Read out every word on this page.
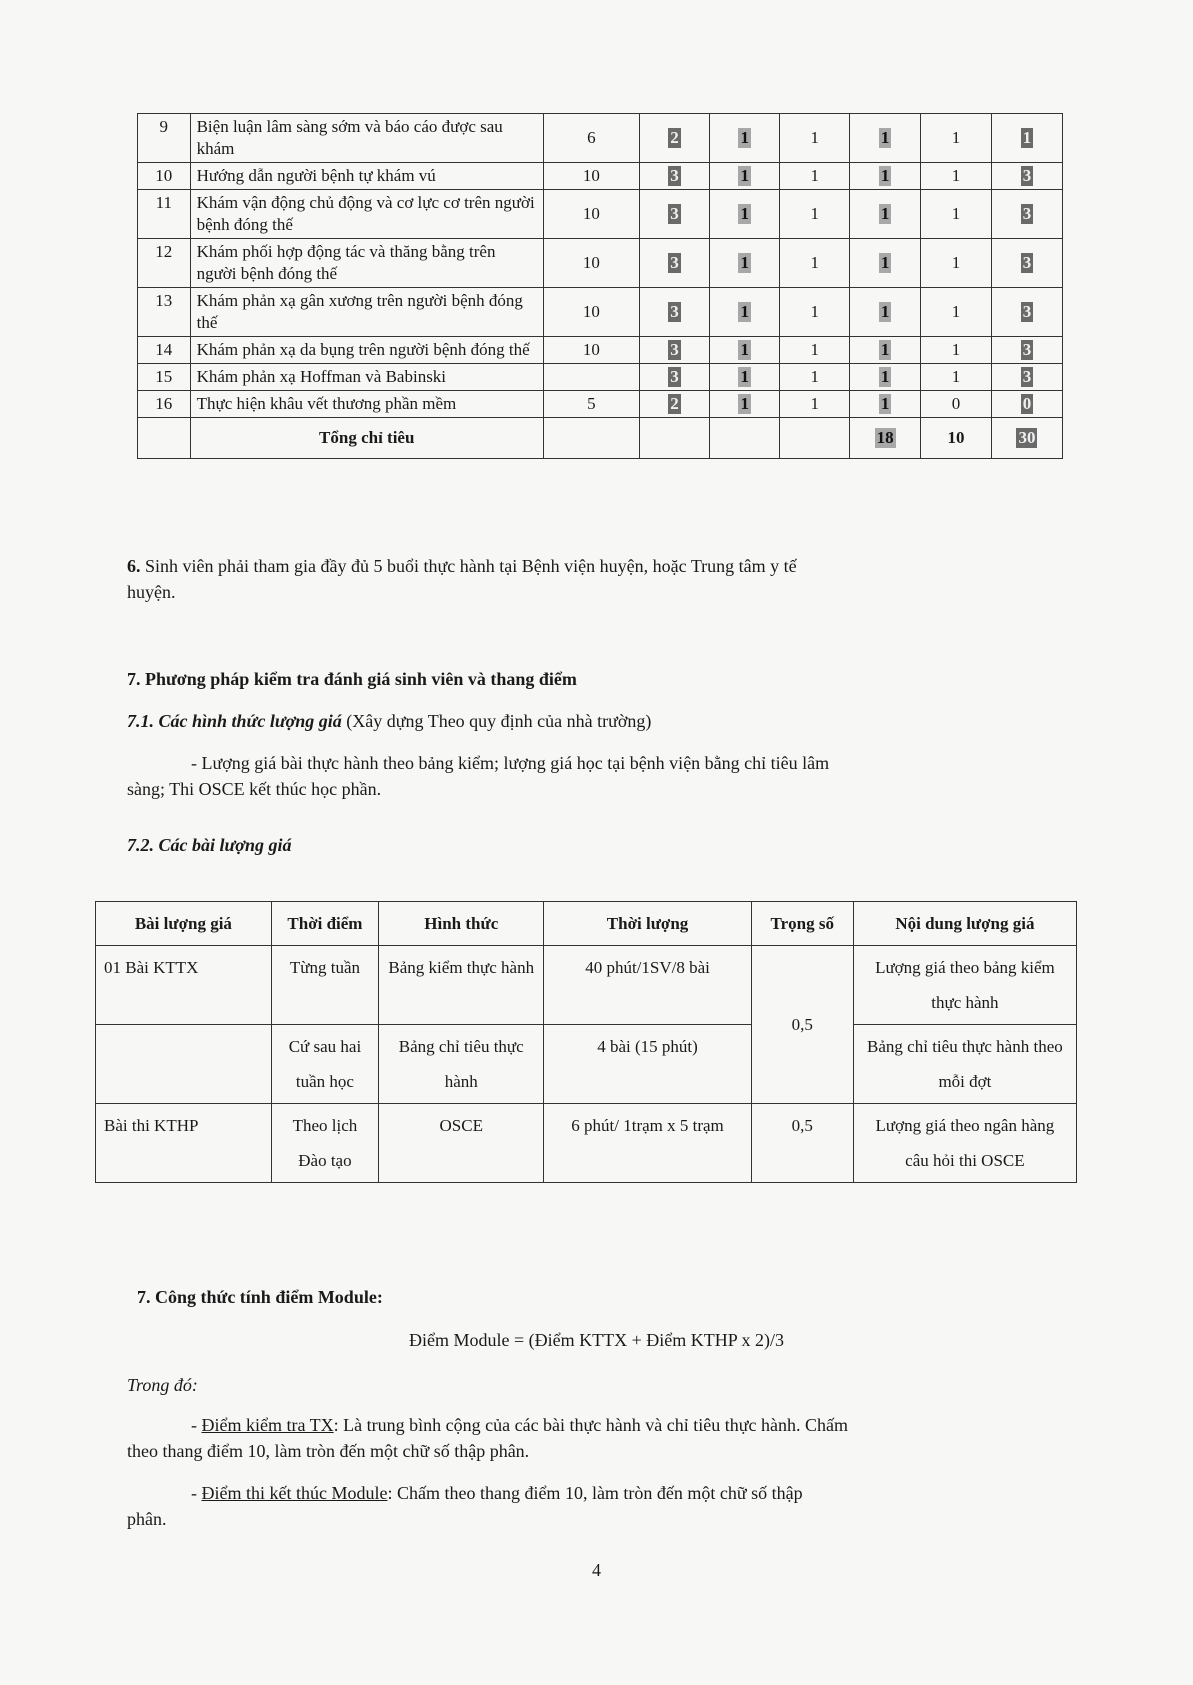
9	Biện luận lâm sàng sớm và báo cáo được sau khám	6	2	1	1	1	1	1
10	Hướng dẫn người bệnh tự khám vú	10	3	1	1	1	1	3
11	Khám vận động chủ động và cơ lực cơ trên người bệnh đóng thế	10	3	1	1	1	1	3
12	Khám phối hợp động tác và thăng bằng trên người bệnh đóng thế	10	3	1	1	1	1	3
13	Khám phản xạ gân xương trên người bệnh đóng thế	10	3	1	1	1	1	3
14	Khám phản xạ da bụng trên người bệnh đóng thế	10	3	1	1	1	1	3
15	Khám phản xạ Hoffman và Babinski		3	1	1	1	1	3
16	Thực hiện khâu vết thương phần mềm	5	2	1	1	1	0	0
	Tổng chỉ tiêu					18	10	30
6. Sinh viên phải tham gia đầy đủ 5 buổi thực hành tại Bệnh viện huyện, hoặc Trung tâm y tế
huyện.
7. Phương pháp kiểm tra đánh giá sinh viên và thang điểm
7.1. Các hình thức lượng giá (Xây dựng Theo quy định của nhà trường)
- Lượng giá bài thực hành theo bảng kiểm; lượng giá học tại bệnh viện bằng chỉ tiêu lâm
sàng; Thi OSCE kết thúc học phần.
7.2. Các bài lượng giá
Bài lượng giá	Thời điểm	Hình thức	Thời lượng	Trọng số	Nội dung lượng giá
01 Bài KTTX	Từng tuần	Bảng kiểm thực hành	40 phút/1SV/8 bài	0,5	Lượng giá theo bảng kiểm thực hành
	Cứ sau hai tuần học	Bảng chỉ tiêu thực hành	4 bài (15 phút)		Bảng chỉ tiêu thực hành theo mỗi đợt
Bài thi KTHP	Theo lịch Đào tạo	OSCE	6 phút/ 1trạm x 5 trạm	0,5	Lượng giá theo ngân hàng câu hỏi thi OSCE
7. Công thức tính điểm Module:
Điểm Module = (Điểm KTTX + Điểm KTHP x 2)/3
Trong đó:
- Điểm kiểm tra TX: Là trung bình cộng của các bài thực hành và chỉ tiêu thực hành. Chấm
theo thang điểm 10, làm tròn đến một chữ số thập phân.
- Điểm thi kết thúc Module: Chấm theo thang điểm 10, làm tròn đến một chữ số thập
phân.
4
